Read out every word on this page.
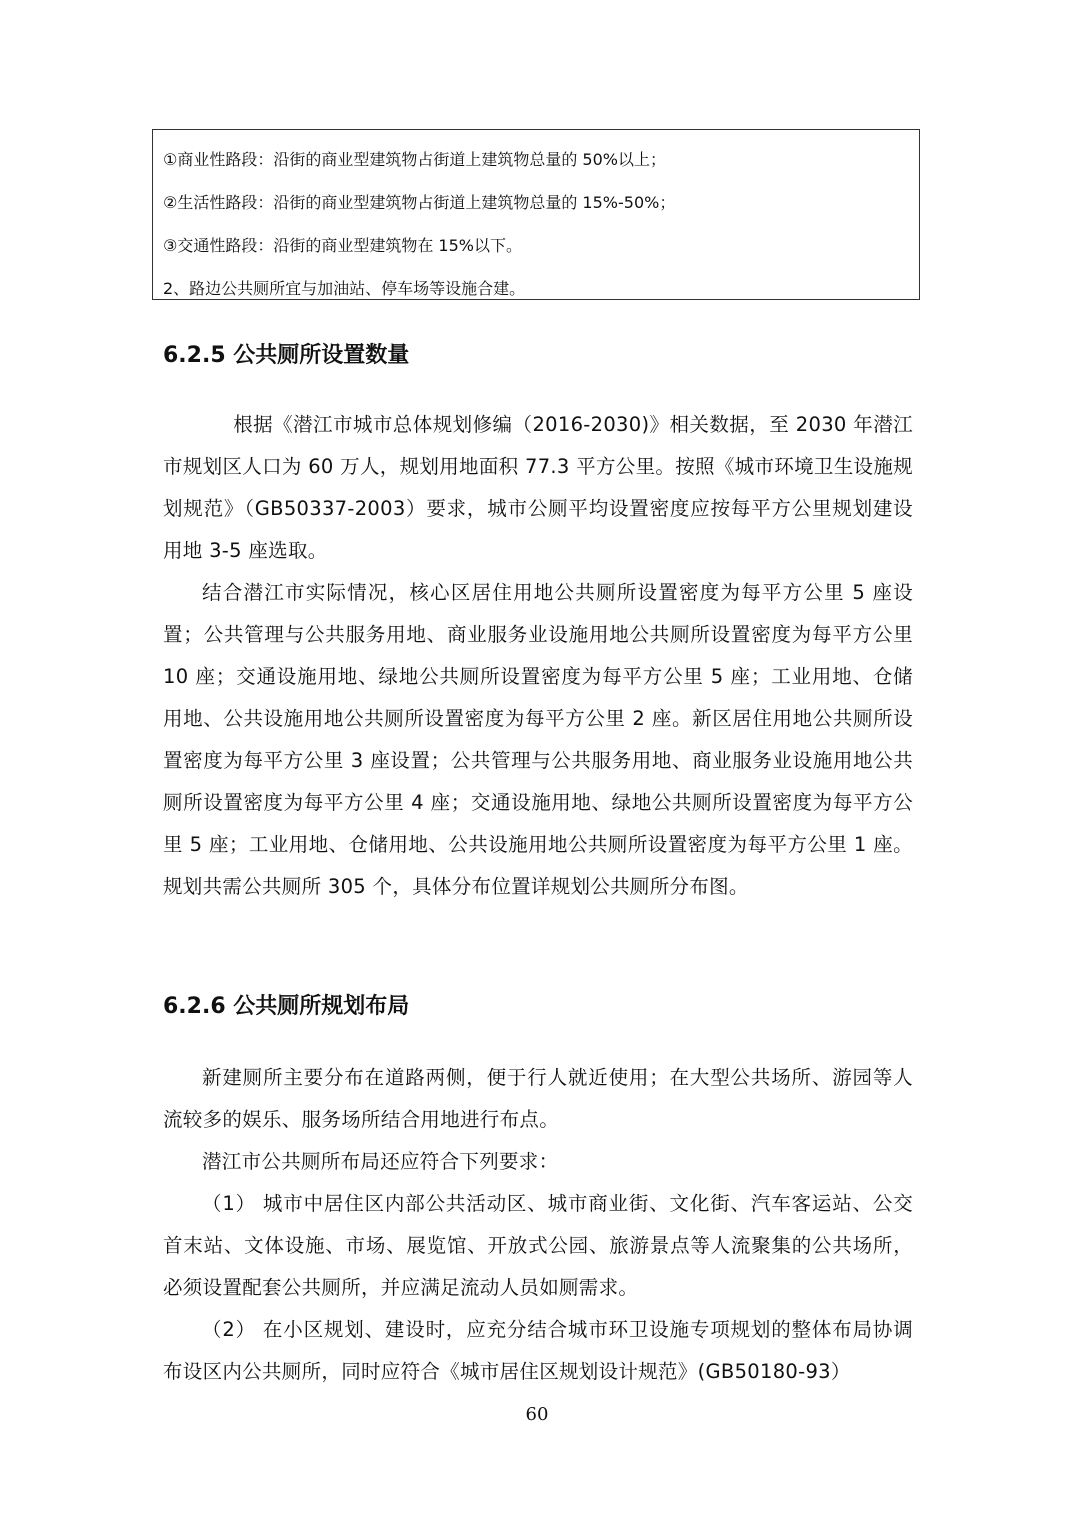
①商业性路段：沿街的商业型建筑物占街道上建筑物总量的 50%以上；
②生活性路段：沿街的商业型建筑物占街道上建筑物总量的 15%-50%；
③交通性路段：沿街的商业型建筑物在 15%以下。
2、路边公共厕所宜与加油站、停车场等设施合建。
6.2.5 公共厕所设置数量

根据《潜江市城市总体规划修编（2016-2030)》相关数据，至 2030 年潜江市规划区人口为 60 万人，规划用地面积 77.3 平方公里。按照《城市环境卫生设施规划规范》（GB50337-2003）要求，城市公厕平均设置密度应按每平方公里规划建设用地 3-5 座选取。

结合潜江市实际情况，核心区居住用地公共厕所设置密度为每平方公里 5 座设置；公共管理与公共服务用地、商业服务业设施用地公共厕所设置密度为每平方公里 10 座；交通设施用地、绿地公共厕所设置密度为每平方公里 5 座；工业用地、仓储用地、公共设施用地公共厕所设置密度为每平方公里 2 座。新区居住用地公共厕所设置密度为每平方公里 3 座设置；公共管理与公共服务用地、商业服务业设施用地公共厕所设置密度为每平方公里 4 座；交通设施用地、绿地公共厕所设置密度为每平方公里 5 座；工业用地、仓储用地、公共设施用地公共厕所设置密度为每平方公里 1 座。规划共需公共厕所 305 个，具体分布位置详规划公共厕所分布图。

6.2.6 公共厕所规划布局

新建厕所主要分布在道路两侧，便于行人就近使用；在大型公共场所、游园等人流较多的娱乐、服务场所结合用地进行布点。

潜江市公共厕所布局还应符合下列要求：

（1） 城市中居住区内部公共活动区、城市商业街、文化街、汽车客运站、公交首末站、文体设施、市场、展览馆、开放式公园、旅游景点等人流聚集的公共场所，必须设置配套公共厕所，并应满足流动人员如厕需求。

（2） 在小区规划、建设时，应充分结合城市环卫设施专项规划的整体布局协调布设区内公共厕所，同时应符合《城市居住区规划设计规范》(GB50180-93）

60
